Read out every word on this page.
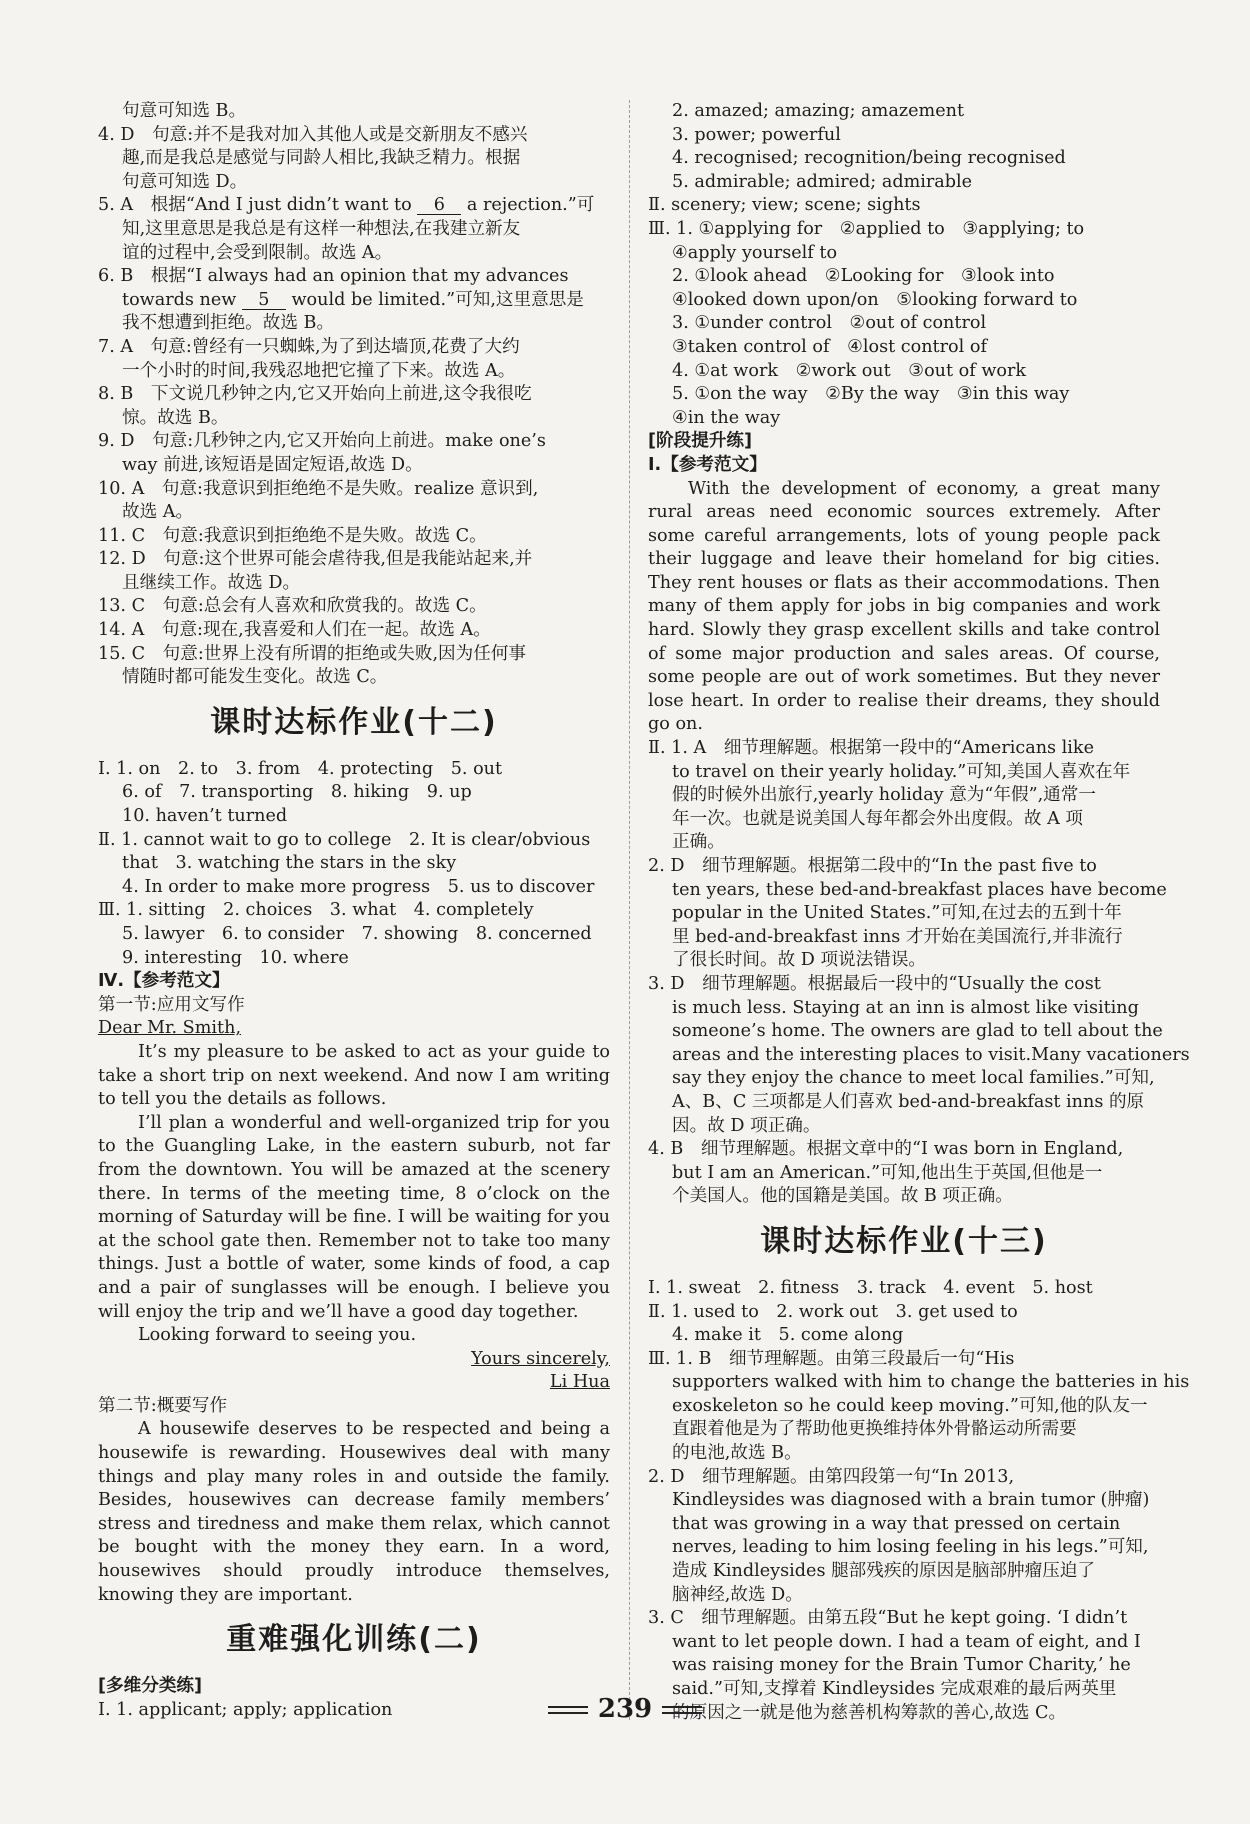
句意可知选 B。
4. D　句意:并不是我对加入其他人或是交新朋友不感兴
趣,而是我总是感觉与同龄人相比,我缺乏精力。根据
句意可知选 D。
5. A　根据“And I just didn’t want to 6 a rejection.”可
知,这里意思是我总是有这样一种想法,在我建立新友
谊的过程中,会受到限制。故选 A。
6. B　根据“I always had an opinion that my advances
towards new 5 would be limited.”可知,这里意思是
我不想遭到拒绝。故选 B。
7. A　句意:曾经有一只蜘蛛,为了到达墙顶,花费了大约
一个小时的时间,我残忍地把它撞了下来。故选 A。
8. B　下文说几秒钟之内,它又开始向上前进,这令我很吃
惊。故选 B。
9. D　句意:几秒钟之内,它又开始向上前进。make one’s
way 前进,该短语是固定短语,故选 D。
10. A　句意:我意识到拒绝绝不是失败。realize 意识到,
故选 A。
11. C　句意:我意识到拒绝绝不是失败。故选 C。
12. D　句意:这个世界可能会虐待我,但是我能站起来,并
且继续工作。故选 D。
13. C　句意:总会有人喜欢和欣赏我的。故选 C。
14. A　句意:现在,我喜爱和人们在一起。故选 A。
15. C　句意:世界上没有所谓的拒绝或失败,因为任何事
情随时都可能发生变化。故选 C。
课时达标作业(十二)
Ⅰ. 1. on　2. to　3. from　4. protecting　5. out
6. of　7. transporting　8. hiking　9. up
10. haven’t turned
Ⅱ. 1. cannot wait to go to college　2. It is clear/obvious
that　3. watching the stars in the sky
4. In order to make more progress　5. us to discover
Ⅲ. 1. sitting　2. choices　3. what　4. completely
5. lawyer　6. to consider　7. showing　8. concerned
9. interesting　10. where
Ⅳ.【参考范文】
第一节:应用文写作
Dear Mr. Smith,
It’s my pleasure to be asked to act as your guide to take a short trip on next weekend. And now I am writing to tell you the details as follows.
I’ll plan a wonderful and well-organized trip for you to the Guangling Lake, in the eastern suburb, not far from the downtown. You will be amazed at the scenery there. In terms of the meeting time, 8 o’clock on the morning of Saturday will be fine. I will be waiting for you at the school gate then. Remember not to take too many things. Just a bottle of water, some kinds of food, a cap and a pair of sunglasses will be enough. I believe you will enjoy the trip and we’ll have a good day together.
Looking forward to seeing you.
Yours sincerely,
Li Hua
第二节:概要写作
A housewife deserves to be respected and being a housewife is rewarding. Housewives deal with many things and play many roles in and outside the family. Besides, housewives can decrease family members’ stress and tiredness and make them relax, which cannot be bought with the money they earn. In a word, housewives should proudly introduce themselves, knowing they are important.
重难强化训练(二)
[多维分类练]
Ⅰ. 1. applicant; apply; application
2. amazed; amazing; amazement
3. power; powerful
4. recognised; recognition/being recognised
5. admirable; admired; admirable
Ⅱ. scenery; view; scene; sights
Ⅲ. 1. ①applying for　②applied to　③applying; to
④apply yourself to
2. ①look ahead　②Looking for　③look into
④looked down upon/on　⑤looking forward to
3. ①under control　②out of control
③taken control of　④lost control of
4. ①at work　②work out　③out of work
5. ①on the way　②By the way　③in this way
④in the way
[阶段提升练]
Ⅰ.【参考范文】
With the development of economy, a great many rural areas need economic sources extremely. After some careful arrangements, lots of young people pack their luggage and leave their homeland for big cities. They rent houses or flats as their accommodations. Then many of them apply for jobs in big companies and work hard. Slowly they grasp excellent skills and take control of some major production and sales areas. Of course, some people are out of work sometimes. But they never lose heart. In order to realise their dreams, they should go on.
Ⅱ. 1. A　细节理解题。根据第一段中的“Americans like
to travel on their yearly holiday.”可知,美国人喜欢在年
假的时候外出旅行,yearly holiday 意为“年假”,通常一
年一次。也就是说美国人每年都会外出度假。故 A 项
正确。
2. D　细节理解题。根据第二段中的“In the past five to
ten years, these bed-and-breakfast places have become
popular in the United States.”可知,在过去的五到十年
里 bed-and-breakfast inns 才开始在美国流行,并非流行
了很长时间。故 D 项说法错误。
3. D　细节理解题。根据最后一段中的“Usually the cost
is much less. Staying at an inn is almost like visiting
someone’s home. The owners are glad to tell about the
areas and the interesting places to visit.Many vacationers
say they enjoy the chance to meet local families.”可知,
A、B、C 三项都是人们喜欢 bed-and-breakfast inns 的原
因。故 D 项正确。
4. B　细节理解题。根据文章中的“I was born in England,
but I am an American.”可知,他出生于英国,但他是一
个美国人。他的国籍是美国。故 B 项正确。
课时达标作业(十三)
Ⅰ. 1. sweat　2. fitness　3. track　4. event　5. host
Ⅱ. 1. used to　2. work out　3. get used to
4. make it　5. come along
Ⅲ. 1. B　细节理解题。由第三段最后一句“His
supporters walked with him to change the batteries in his
exoskeleton so he could keep moving.”可知,他的队友一
直跟着他是为了帮助他更换维持体外骨骼运动所需要
的电池,故选 B。
2. D　细节理解题。由第四段第一句“In 2013,
Kindleysides was diagnosed with a brain tumor (肿瘤)
that was growing in a way that pressed on certain
nerves, leading to him losing feeling in his legs.”可知,
造成 Kindleysides 腿部残疾的原因是脑部肿瘤压迫了
脑神经,故选 D。
3. C　细节理解题。由第五段“But he kept going. ‘I didn’t
want to let people down. I had a team of eight, and I
was raising money for the Brain Tumor Charity,’ he
said.”可知,支撑着 Kindleysides 完成艰难的最后两英里
的原因之一就是他为慈善机构筹款的善心,故选 C。
239
